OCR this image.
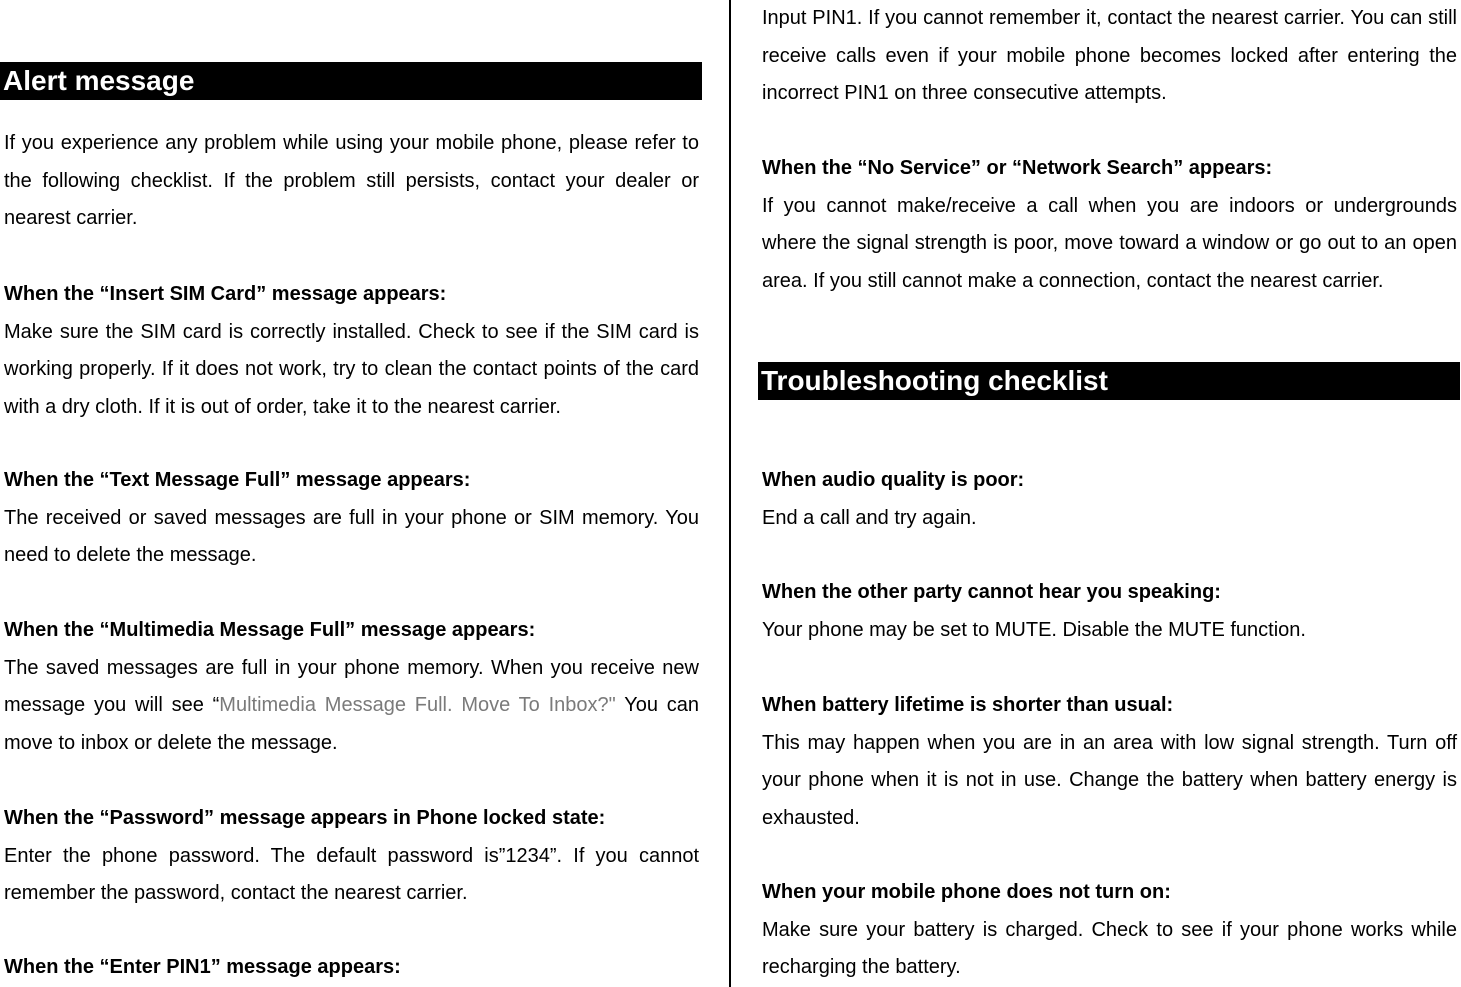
Alert message

If you experience any problem while using your mobile phone, please refer to the following checklist. If the problem still persists, contact your dealer or nearest carrier.

When the “Insert SIM Card” message appears:

Make sure the SIM card is correctly installed. Check to see if the SIM card is working properly. If it does not work, try to clean the contact points of the card with a dry cloth. If it is out of order, take it to the nearest carrier.

When the “Text Message Full” message appears:

The received or saved messages are full in your phone or SIM memory. You need to delete the message.

When the “Multimedia Message Full” message appears:

The saved messages are full in your phone memory. When you receive new message you will see “Multimedia Message Full. Move To Inbox?" You can move to inbox or delete the message.

When the “Password” message appears in Phone locked state:

Enter the phone password. The default password is”1234”. If you cannot remember the password, contact the nearest carrier.

When the “Enter PIN1” message appears:

Input PIN1. If you cannot remember it, contact the nearest carrier. You can still receive calls even if your mobile phone becomes locked after entering the incorrect PIN1 on three consecutive attempts.

When the “No Service” or “Network Search” appears:

If you cannot make/receive a call when you are indoors or undergrounds where the signal strength is poor, move toward a window or go out to an open area. If you still cannot make a connection, contact the nearest carrier.

Troubleshooting checklist

When audio quality is poor:

End a call and try again.

When the other party cannot hear you speaking:

Your phone may be set to MUTE. Disable the MUTE function.

When battery lifetime is shorter than usual:

This may happen when you are in an area with low signal strength. Turn off your phone when it is not in use. Change the battery when battery energy is exhausted.

When your mobile phone does not turn on:

Make sure your battery is charged. Check to see if your phone works while recharging the battery.
